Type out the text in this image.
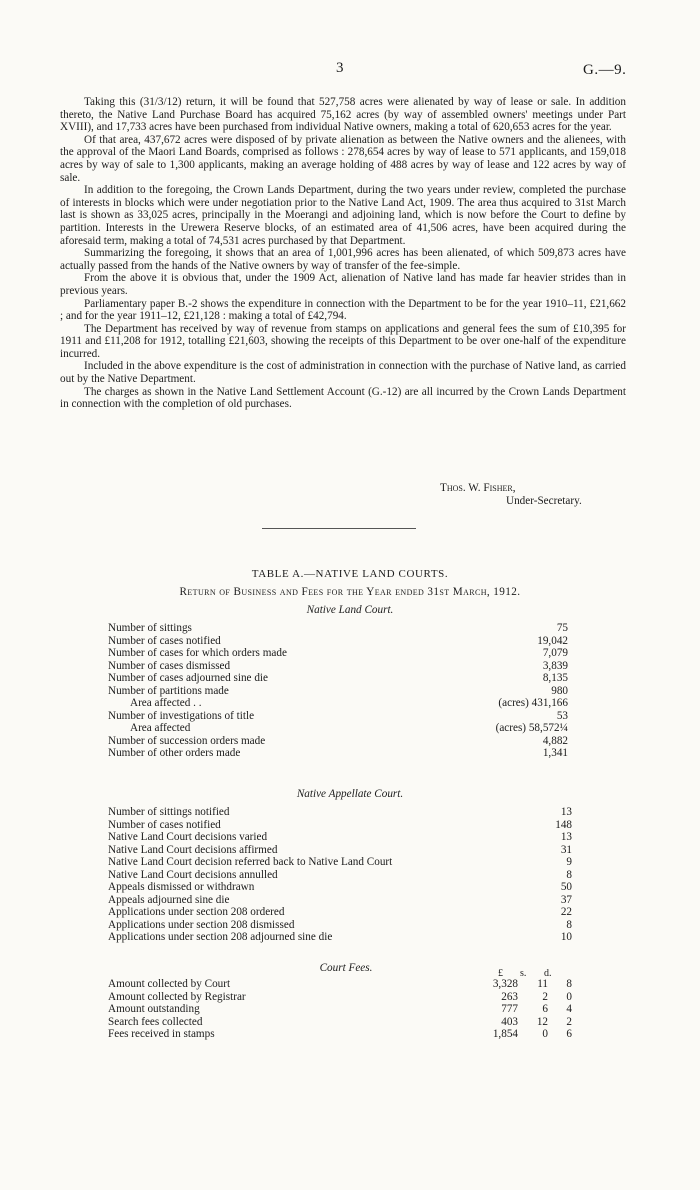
3	G.—9.

Taking this (31/3/12) return, it will be found that 527,758 acres were alienated by way of lease or sale. In addition thereto, the Native Land Purchase Board has acquired 75,162 acres (by way of assembled owners' meetings under Part XVIII), and 17,733 acres have been purchased from individual Native owners, making a total of 620,653 acres for the year.

Of that area, 437,672 acres were disposed of by private alienation as between the Native owners and the alienees, with the approval of the Maori Land Boards, comprised as follows : 278,654 acres by way of lease to 571 applicants, and 159,018 acres by way of sale to 1,300 applicants, making an average holding of 488 acres by way of lease and 122 acres by way of sale.

In addition to the foregoing, the Crown Lands Department, during the two years under review, completed the purchase of interests in blocks which were under negotiation prior to the Native Land Act, 1909. The area thus acquired to 31st March last is shown as 33,025 acres, principally in the Moerangi and adjoining land, which is now before the Court to define by partition. Interests in the Urewera Reserve blocks, of an estimated area of 41,506 acres, have been acquired during the aforesaid term, making a total of 74,531 acres purchased by that Department.

Summarizing the foregoing, it shows that an area of 1,001,996 acres has been alienated, of which 509,873 acres have actually passed from the hands of the Native owners by way of transfer of the fee-simple.

From the above it is obvious that, under the 1909 Act, alienation of Native land has made far heavier strides than in previous years.

Parliamentary paper B.-2 shows the expenditure in connection with the Department to be for the year 1910–11, £21,662 ; and for the year 1911–12, £21,128 : making a total of £42,794.

The Department has received by way of revenue from stamps on applications and general fees the sum of £10,395 for 1911 and £11,208 for 1912, totalling £21,603, showing the receipts of this Department to be over one-half of the expenditure incurred.

Included in the above expenditure is the cost of administration in connection with the purchase of Native land, as carried out by the Native Department.

The charges as shown in the Native Land Settlement Account (G.-12) are all incurred by the Crown Lands Department in connection with the completion of old purchases.

Thos. W. Fisher,
Under-Secretary.
TABLE A.—NATIVE LAND COURTS.
Return of Business and Fees for the Year ended 31st March, 1912.
Native Land Court.
Number of sittings	75
Number of cases notified	19,042
Number of cases for which orders made	7,079
Number of cases dismissed	3,839
Number of cases adjourned sine die	8,135
Number of partitions made	980
Area affected . .	(acres) 431,166
Number of investigations of title	53
Area affected	(acres) 58,572¼
Number of succession orders made	4,882
Number of other orders made	1,341
Native Appellate Court.
Number of sittings notified	13
Number of cases notified	148
Native Land Court decisions varied	13
Native Land Court decisions affirmed	31
Native Land Court decision referred back to Native Land Court	9
Native Land Court decisions annulled	8
Appeals dismissed or withdrawn	50
Appeals adjourned sine die	37
Applications under section 208 ordered	22
Applications under section 208 dismissed	8
Applications under section 208 adjourned sine die	10
Court Fees.	£ s. d.
Amount collected by Court	3,328 11 8
Amount collected by Registrar	263 2 0
Amount outstanding	777 6 4
Search fees collected	403 12 2
Fees received in stamps	1,854 0 6
